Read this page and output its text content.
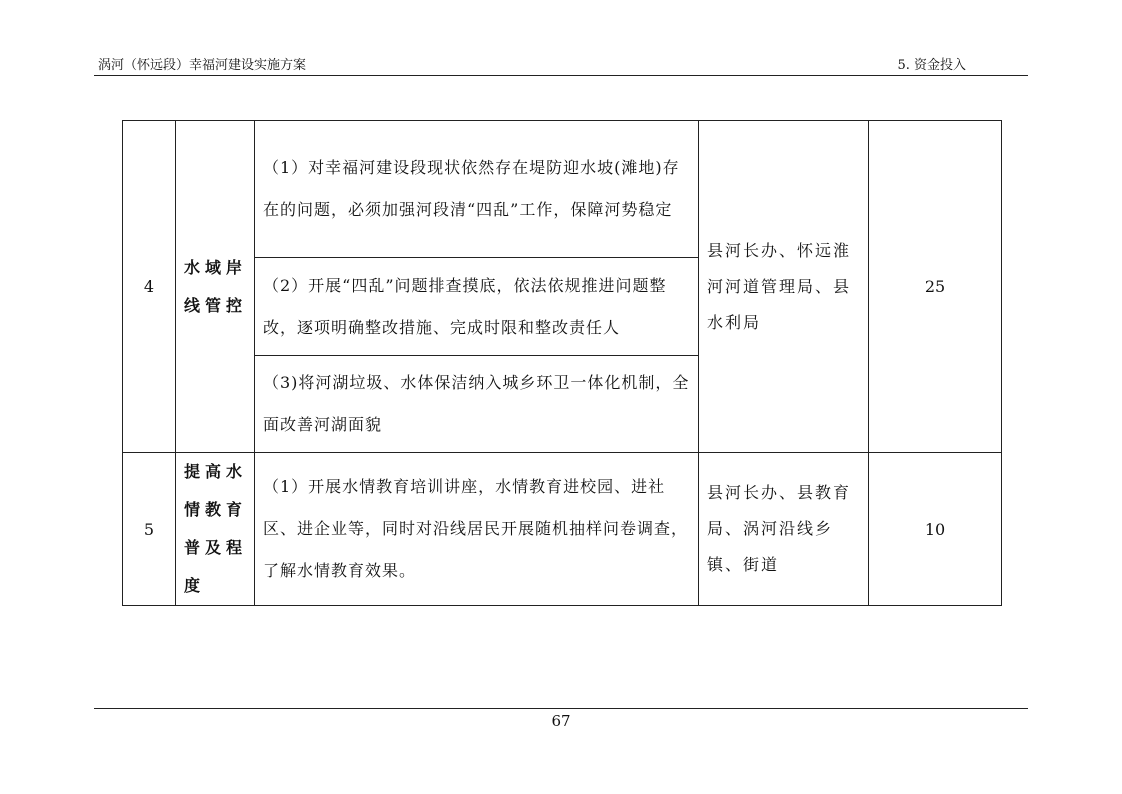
涡河（怀远段）幸福河建设实施方案	5. 资金投入
4	水域岸线管控	（1）对幸福河建设段现状依然存在堤防迎水坡(滩地)存在的问题，必须加强河段清“四乱”工作，保障河势稳定	县河长办、怀远淮河河道管理局、县水利局	25
		（2）开展“四乱”问题排查摸底，依法依规推进问题整改，逐项明确整改措施、完成时限和整改责任人		
		（3)将河湖垃圾、水体保洁纳入城乡环卫一体化机制，全面改善河湖面貌		
5	提高水情教育普及程度	（1）开展水情教育培训讲座，水情教育进校园、进社区、进企业等，同时对沿线居民开展随机抽样问卷调查，了解水情教育效果。	县河长办、县教育局、涡河沿线乡镇、街道	10
67
